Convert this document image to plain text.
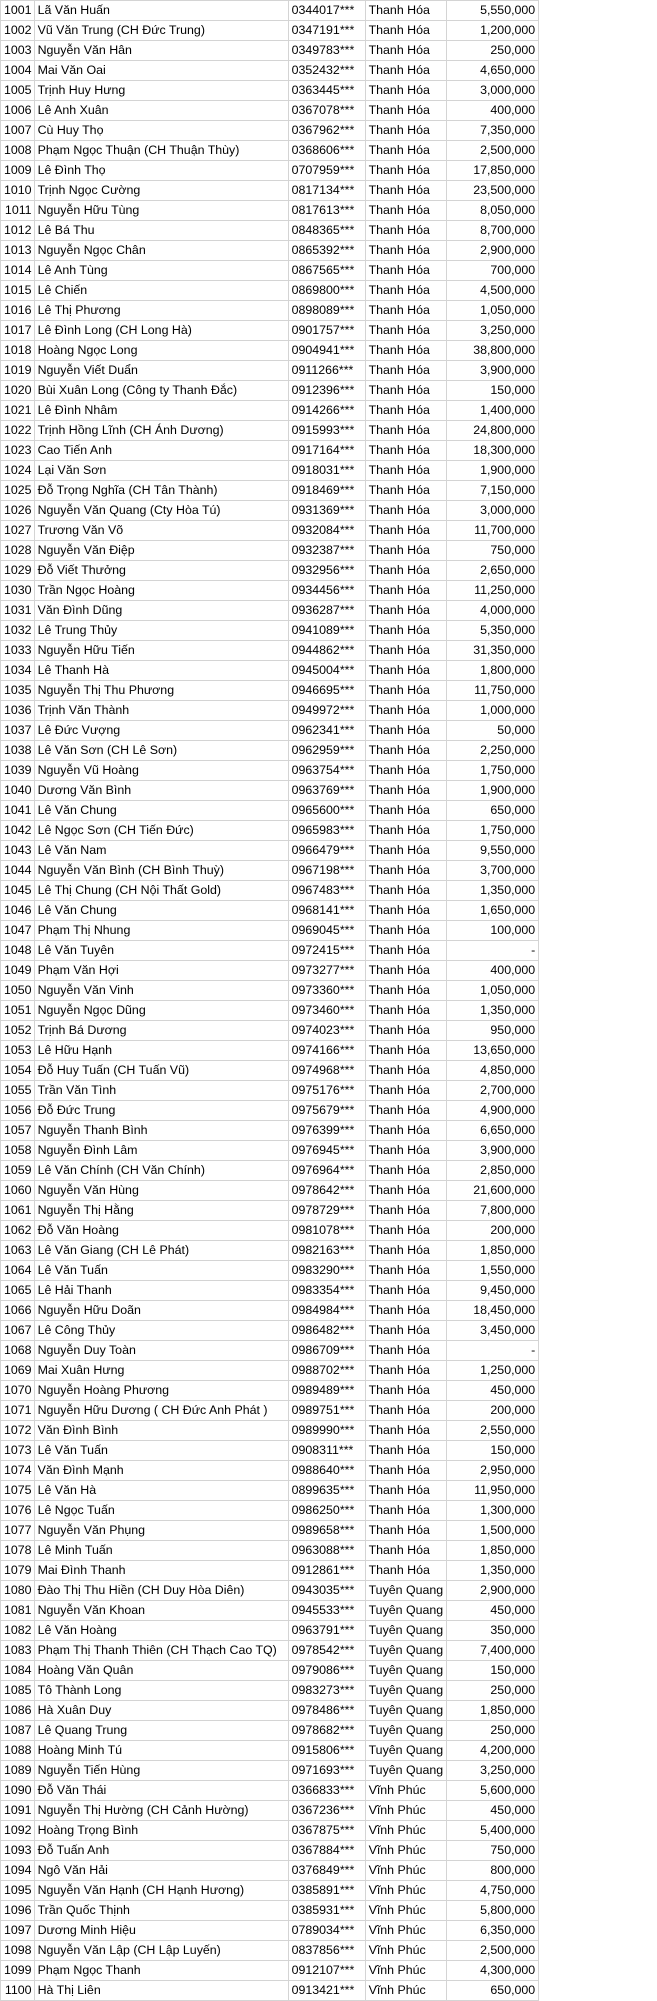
1001	Lã Văn Huấn	0344017***	Thanh Hóa	5,550,000
1002	Vũ Văn Trung (CH Đức Trung)	0347191***	Thanh Hóa	1,200,000
1003	Nguyễn Văn Hân	0349783***	Thanh Hóa	250,000
1004	Mai Văn Oai	0352432***	Thanh Hóa	4,650,000
1005	Trịnh Huy Hưng	0363445***	Thanh Hóa	3,000,000
1006	Lê Anh Xuân	0367078***	Thanh Hóa	400,000
1007	Cù Huy Thọ	0367962***	Thanh Hóa	7,350,000
1008	Phạm Ngọc Thuận (CH Thuận Thùy)	0368606***	Thanh Hóa	2,500,000
1009	Lê Đình Thọ	0707959***	Thanh Hóa	17,850,000
1010	Trịnh Ngọc Cường	0817134***	Thanh Hóa	23,500,000
1011	Nguyễn Hữu Tùng	0817613***	Thanh Hóa	8,050,000
1012	Lê Bá Thu	0848365***	Thanh Hóa	8,700,000
1013	Nguyễn Ngọc Chân	0865392***	Thanh Hóa	2,900,000
1014	Lê Anh Tùng	0867565***	Thanh Hóa	700,000
1015	Lê Chiến	0869800***	Thanh Hóa	4,500,000
1016	Lê Thị Phương	0898089***	Thanh Hóa	1,050,000
1017	Lê Đình Long (CH Long Hà)	0901757***	Thanh Hóa	3,250,000
1018	Hoàng Ngọc Long	0904941***	Thanh Hóa	38,800,000
1019	Nguyễn Viết Duẩn	0911266***	Thanh Hóa	3,900,000
1020	Bùi Xuân Long (Công ty Thanh Đắc)	0912396***	Thanh Hóa	150,000
1021	Lê Đình Nhâm	0914266***	Thanh Hóa	1,400,000
1022	Trịnh Hồng Lĩnh (CH Ánh Dương)	0915993***	Thanh Hóa	24,800,000
1023	Cao Tiến Anh	0917164***	Thanh Hóa	18,300,000
1024	Lại Văn Sơn	0918031***	Thanh Hóa	1,900,000
1025	Đỗ Trọng Nghĩa (CH Tân Thành)	0918469***	Thanh Hóa	7,150,000
1026	Nguyễn Văn Quang (Cty Hòa Tú)	0931369***	Thanh Hóa	3,000,000
1027	Trương Văn Võ	0932084***	Thanh Hóa	11,700,000
1028	Nguyễn Văn Điệp	0932387***	Thanh Hóa	750,000
1029	Đỗ Viết Thưởng	0932956***	Thanh Hóa	2,650,000
1030	Trần Ngọc Hoàng	0934456***	Thanh Hóa	11,250,000
1031	Văn Đình Dũng	0936287***	Thanh Hóa	4,000,000
1032	Lê Trung Thủy	0941089***	Thanh Hóa	5,350,000
1033	Nguyễn Hữu Tiến	0944862***	Thanh Hóa	31,350,000
1034	Lê Thanh Hà	0945004***	Thanh Hóa	1,800,000
1035	Nguyễn Thị Thu Phương	0946695***	Thanh Hóa	11,750,000
1036	Trịnh Văn Thành	0949972***	Thanh Hóa	1,000,000
1037	Lê Đức Vượng	0962341***	Thanh Hóa	50,000
1038	Lê Văn Sơn (CH Lê Sơn)	0962959***	Thanh Hóa	2,250,000
1039	Nguyễn Vũ Hoàng	0963754***	Thanh Hóa	1,750,000
1040	Dương Văn Bình	0963769***	Thanh Hóa	1,900,000
1041	Lê Văn Chung	0965600***	Thanh Hóa	650,000
1042	Lê Ngọc Sơn (CH Tiến Đức)	0965983***	Thanh Hóa	1,750,000
1043	Lê Văn Nam	0966479***	Thanh Hóa	9,550,000
1044	Nguyễn Văn Bình (CH Bình Thuỳ)	0967198***	Thanh Hóa	3,700,000
1045	Lê Thị Chung (CH Nội Thất Gold)	0967483***	Thanh Hóa	1,350,000
1046	Lê Văn Chung	0968141***	Thanh Hóa	1,650,000
1047	Phạm Thị Nhung	0969045***	Thanh Hóa	100,000
1048	Lê Văn Tuyên	0972415***	Thanh Hóa	-
1049	Phạm Văn Hợi	0973277***	Thanh Hóa	400,000
1050	Nguyễn Văn Vinh	0973360***	Thanh Hóa	1,050,000
1051	Nguyễn Ngọc Dũng	0973460***	Thanh Hóa	1,350,000
1052	Trịnh Bá Dương	0974023***	Thanh Hóa	950,000
1053	Lê Hữu Hạnh	0974166***	Thanh Hóa	13,650,000
1054	Đỗ Huy Tuấn (CH Tuấn Vũ)	0974968***	Thanh Hóa	4,850,000
1055	Trần Văn Tình	0975176***	Thanh Hóa	2,700,000
1056	Đỗ Đức Trung	0975679***	Thanh Hóa	4,900,000
1057	Nguyễn Thanh Bình	0976399***	Thanh Hóa	6,650,000
1058	Nguyễn Đình Lâm	0976945***	Thanh Hóa	3,900,000
1059	Lê Văn Chính (CH Văn Chính)	0976964***	Thanh Hóa	2,850,000
1060	Nguyễn Văn Hùng	0978642***	Thanh Hóa	21,600,000
1061	Nguyễn Thị Hằng	0978729***	Thanh Hóa	7,800,000
1062	Đỗ Văn Hoàng	0981078***	Thanh Hóa	200,000
1063	Lê Văn Giang (CH Lê Phát)	0982163***	Thanh Hóa	1,850,000
1064	Lê Văn Tuấn	0983290***	Thanh Hóa	1,550,000
1065	Lê Hải Thanh	0983354***	Thanh Hóa	9,450,000
1066	Nguyễn Hữu Doãn	0984984***	Thanh Hóa	18,450,000
1067	Lê Công Thủy	0986482***	Thanh Hóa	3,450,000
1068	Nguyễn Duy Toàn	0986709***	Thanh Hóa	-
1069	Mai Xuân Hưng	0988702***	Thanh Hóa	1,250,000
1070	Nguyễn Hoàng Phương	0989489***	Thanh Hóa	450,000
1071	Nguyễn Hữu Dương ( CH Đức Anh Phát )	0989751***	Thanh Hóa	200,000
1072	Văn Đình Bình	0989990***	Thanh Hóa	2,550,000
1073	Lê Văn Tuấn	0908311***	Thanh Hóa	150,000
1074	Văn Đình Mạnh	0988640***	Thanh Hóa	2,950,000
1075	Lê Văn Hà	0899635***	Thanh Hóa	11,950,000
1076	Lê Ngọc Tuấn	0986250***	Thanh Hóa	1,300,000
1077	Nguyễn Văn Phụng	0989658***	Thanh Hóa	1,500,000
1078	Lê Minh Tuấn	0963088***	Thanh Hóa	1,850,000
1079	Mai Đình Thanh	0912861***	Thanh Hóa	1,350,000
1080	Đào Thị Thu Hiền (CH Duy Hòa Diên)	0943035***	Tuyên Quang	2,900,000
1081	Nguyễn Văn Khoan	0945533***	Tuyên Quang	450,000
1082	Lê Văn Hoàng	0963791***	Tuyên Quang	350,000
1083	Phạm Thị Thanh Thiên (CH Thạch Cao TQ)	0978542***	Tuyên Quang	7,400,000
1084	Hoàng Văn Quân	0979086***	Tuyên Quang	150,000
1085	Tô Thành Long	0983273***	Tuyên Quang	250,000
1086	Hà Xuân Duy	0978486***	Tuyên Quang	1,850,000
1087	Lê Quang Trung	0978682***	Tuyên Quang	250,000
1088	Hoàng Minh Tú	0915806***	Tuyên Quang	4,200,000
1089	Nguyễn Tiến Hùng	0971693***	Tuyên Quang	3,250,000
1090	Đỗ Văn Thái	0366833***	Vĩnh Phúc	5,600,000
1091	Nguyễn Thị Hường (CH Cảnh Hường)	0367236***	Vĩnh Phúc	450,000
1092	Hoàng Trọng Bình	0367875***	Vĩnh Phúc	5,400,000
1093	Đỗ Tuấn Anh	0367884***	Vĩnh Phúc	750,000
1094	Ngô Văn Hải	0376849***	Vĩnh Phúc	800,000
1095	Nguyễn Văn Hạnh (CH Hạnh Hương)	0385891***	Vĩnh Phúc	4,750,000
1096	Trần Quốc Thịnh	0385931***	Vĩnh Phúc	5,800,000
1097	Dương Minh Hiệu	0789034***	Vĩnh Phúc	6,350,000
1098	Nguyễn Văn Lập (CH Lập Luyến)	0837856***	Vĩnh Phúc	2,500,000
1099	Phạm Ngọc Thanh	0912107***	Vĩnh Phúc	4,300,000
1100	Hà Thị Liên	0913421***	Vĩnh Phúc	650,000
